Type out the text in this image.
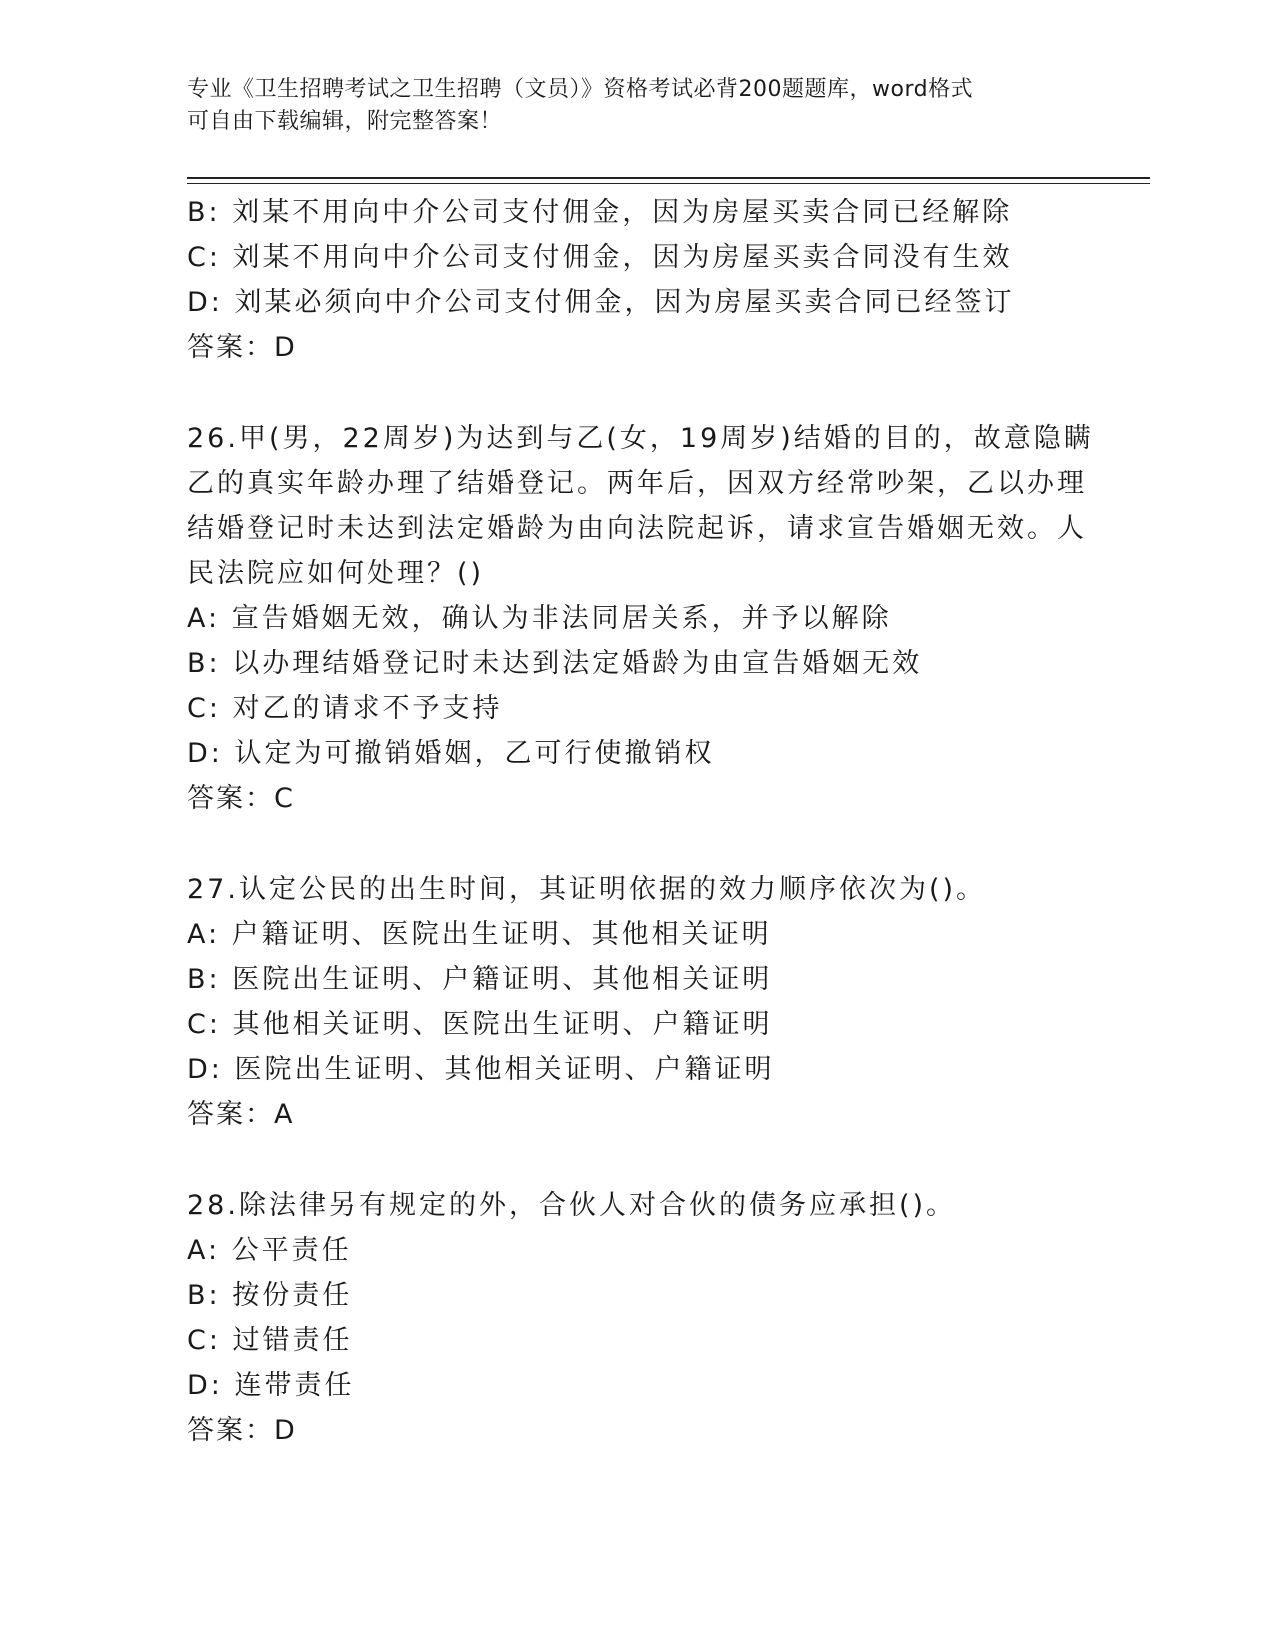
专业《卫生招聘考试之卫生招聘（文员）》资格考试必背200题题库，word格式
可自由下载编辑，附完整答案！
B: 刘某不用向中介公司支付佣金，因为房屋买卖合同已经解除
C: 刘某不用向中介公司支付佣金，因为房屋买卖合同没有生效
D: 刘某必须向中介公司支付佣金，因为房屋买卖合同已经签订
答案：D
26.甲(男，22周岁)为达到与乙(女，19周岁)结婚的目的，故意隐瞒
乙的真实年龄办理了结婚登记。两年后，因双方经常吵架，乙以办理
结婚登记时未达到法定婚龄为由向法院起诉，请求宣告婚姻无效。人
民法院应如何处理？()
A: 宣告婚姻无效，确认为非法同居关系，并予以解除
B: 以办理结婚登记时未达到法定婚龄为由宣告婚姻无效
C: 对乙的请求不予支持
D: 认定为可撤销婚姻，乙可行使撤销权
答案：C
27.认定公民的出生时间，其证明依据的效力顺序依次为()。
A: 户籍证明、医院出生证明、其他相关证明
B: 医院出生证明、户籍证明、其他相关证明
C: 其他相关证明、医院出生证明、户籍证明
D: 医院出生证明、其他相关证明、户籍证明
答案：A
28.除法律另有规定的外，合伙人对合伙的债务应承担()。
A: 公平责任
B: 按份责任
C: 过错责任
D: 连带责任
答案：D
